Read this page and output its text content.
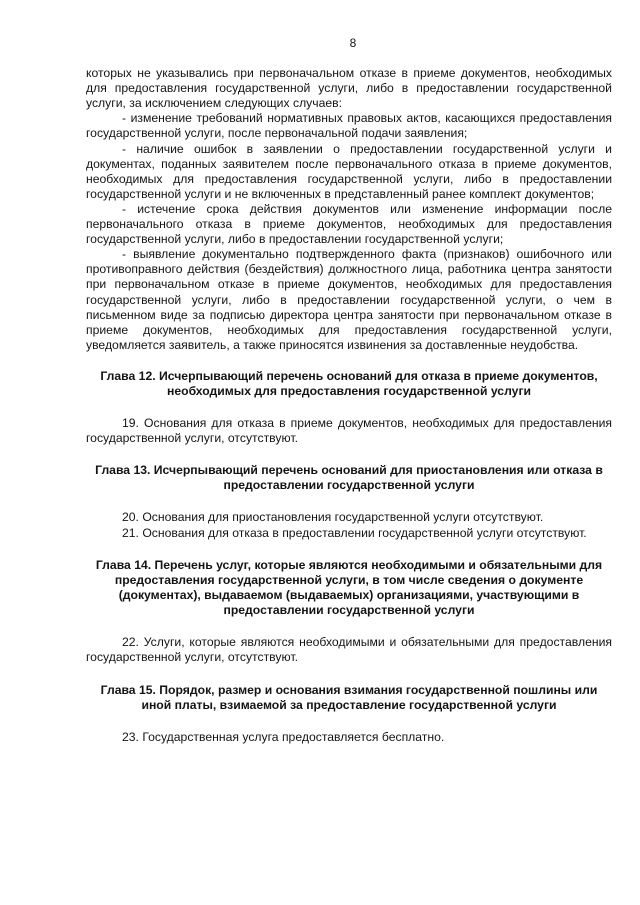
8

которых не указывались при первоначальном отказе в приеме документов, необходимых для предоставления государственной услуги, либо в предоставлении государственной услуги, за исключением следующих случаев:

- изменение требований нормативных правовых актов, касающихся предоставления государственной услуги, после первоначальной подачи заявления;

- наличие ошибок в заявлении о предоставлении государственной услуги и документах, поданных заявителем после первоначального отказа в приеме документов, необходимых для предоставления государственной услуги, либо в предоставлении государственной услуги и не включенных в представленный ранее комплект документов;

- истечение срока действия документов или изменение информации после первоначального отказа в приеме документов, необходимых для предоставления государственной услуги, либо в предоставлении государственной услуги;

- выявление документально подтвержденного факта (признаков) ошибочного или противоправного действия (бездействия) должностного лица, работника центра занятости при первоначальном отказе в приеме документов, необходимых для предоставления государственной услуги, либо в предоставлении государственной услуги, о чем в письменном виде за подписью директора центра занятости при первоначальном отказе в приеме документов, необходимых для предоставления государственной услуги, уведомляется заявитель, а также приносятся извинения за доставленные неудобства.

Глава 12. Исчерпывающий перечень оснований для отказа в приеме документов, необходимых для предоставления государственной услуги

19. Основания для отказа в приеме документов, необходимых для предоставления государственной услуги, отсутствуют.

Глава 13. Исчерпывающий перечень оснований для приостановления или отказа в предоставлении государственной услуги

20. Основания для приостановления государственной услуги отсутствуют.

21. Основания для отказа в предоставлении государственной услуги отсутствуют.

Глава 14. Перечень услуг, которые являются необходимыми и обязательными для предоставления государственной услуги, в том числе сведения о документе (документах), выдаваемом (выдаваемых) организациями, участвующими в предоставлении государственной услуги

22. Услуги, которые являются необходимыми и обязательными для предоставления государственной услуги, отсутствуют.

Глава 15. Порядок, размер и основания взимания государственной пошлины или иной платы, взимаемой за предоставление государственной услуги

23. Государственная услуга предоставляется бесплатно.
